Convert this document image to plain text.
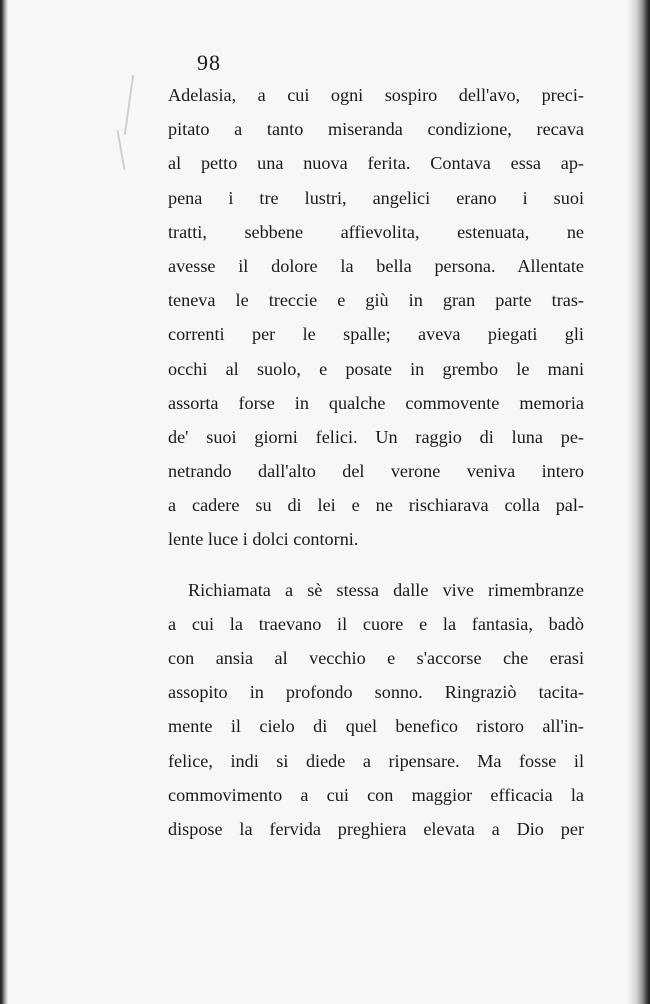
98
Adelasia, a cui ogni sospiro dell'avo, preci-
pitato a tanto miseranda condizione, recava
al petto una nuova ferita. Contava essa ap-
pena i tre lustri, angelici erano i suoi
tratti, sebbene affievolita, estenuata, ne
avesse il dolore la bella persona. Allentate
teneva le treccie e giù in gran parte tras-
correnti per le spalle; aveva piegati gli
occhi al suolo, e posate in grembo le mani
assorta forse in qualche commovente memoria
de' suoi giorni felici. Un raggio di luna pe-
netrando dall'alto del verone veniva intero
a cadere su di lei e ne rischiarava colla pal-
lente luce i dolci contorni.
Richiamata a sè stessa dalle vive rimembranze
a cui la traevano il cuore e la fantasia, badò
con ansia al vecchio e s'accorse che erasi
assopito in profondo sonno. Ringraziò tacita-
mente il cielo di quel benefico ristoro all'in-
felice, indi si diede a ripensare. Ma fosse il
commovimento a cui con maggior efficacia la
dispose la fervida preghiera elevata a Dio per
